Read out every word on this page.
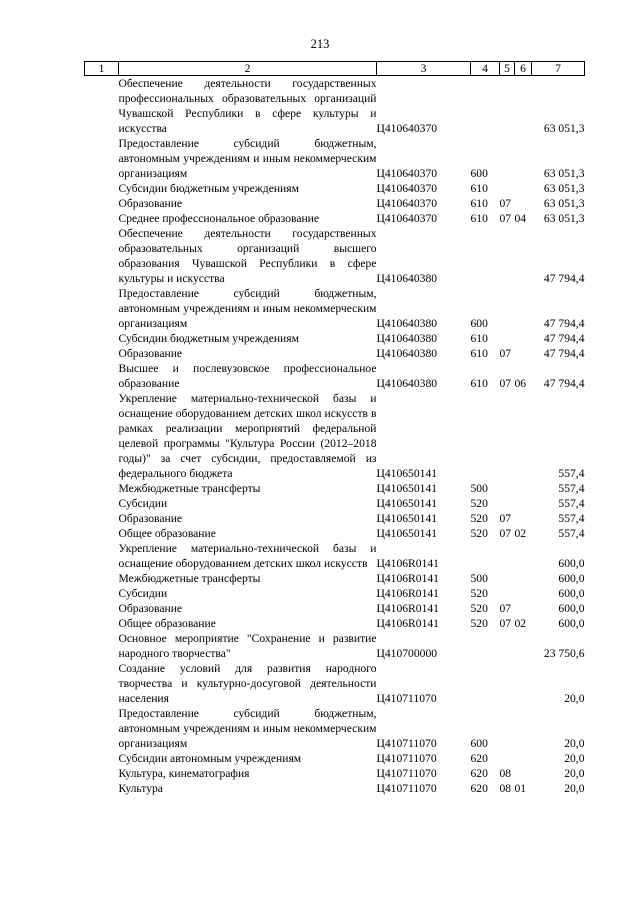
213
1	2	3	4	5	6	7
	Обеспечение деятельности государственных профессиональных образовательных организаций Чувашской Республики в сфере культуры и искусства	Ц410640370				63 051,3
	Предоставление субсидий бюджетным, автономным учреждениям и иным некоммерческим организациям	Ц410640370	600			63 051,3
	Субсидии бюджетным учреждениям	Ц410640370	610			63 051,3
	Образование	Ц410640370	610	07		63 051,3
	Среднее профессиональное образование	Ц410640370	610	07	04	63 051,3
	Обеспечение деятельности государственных образовательных организаций высшего образования Чувашской Республики в сфере культуры и искусства	Ц410640380				47 794,4
	Предоставление субсидий бюджетным, автономным учреждениям и иным некоммерческим организациям	Ц410640380	600			47 794,4
	Субсидии бюджетным учреждениям	Ц410640380	610			47 794,4
	Образование	Ц410640380	610	07		47 794,4
	Высшее и послевузовское профессиональное образование	Ц410640380	610	07	06	47 794,4
	Укрепление материально-технической базы и оснащение оборудованием детских школ искусств в рамках реализации мероприятий федеральной целевой программы "Культура России (2012–2018 годы)" за счет субсидии, предоставляемой из федерального бюджета	Ц410650141				557,4
	Межбюджетные трансферты	Ц410650141	500			557,4
	Субсидии	Ц410650141	520			557,4
	Образование	Ц410650141	520	07		557,4
	Общее образование	Ц410650141	520	07	02	557,4
	Укрепление материально-технической базы и оснащение оборудованием детских школ искусств	Ц4106R0141				600,0
	Межбюджетные трансферты	Ц4106R0141	500			600,0
	Субсидии	Ц4106R0141	520			600,0
	Образование	Ц4106R0141	520	07		600,0
	Общее образование	Ц4106R0141	520	07	02	600,0
	Основное мероприятие "Сохранение и развитие народного творчества"	Ц410700000				23 750,6
	Создание условий для развития народного творчества и культурно-досуговой деятельности населения	Ц410711070				20,0
	Предоставление субсидий бюджетным, автономным учреждениям и иным некоммерческим организациям	Ц410711070	600			20,0
	Субсидии автономным учреждениям	Ц410711070	620			20,0
	Культура, кинематография	Ц410711070	620	08		20,0
	Культура	Ц410711070	620	08	01	20,0
